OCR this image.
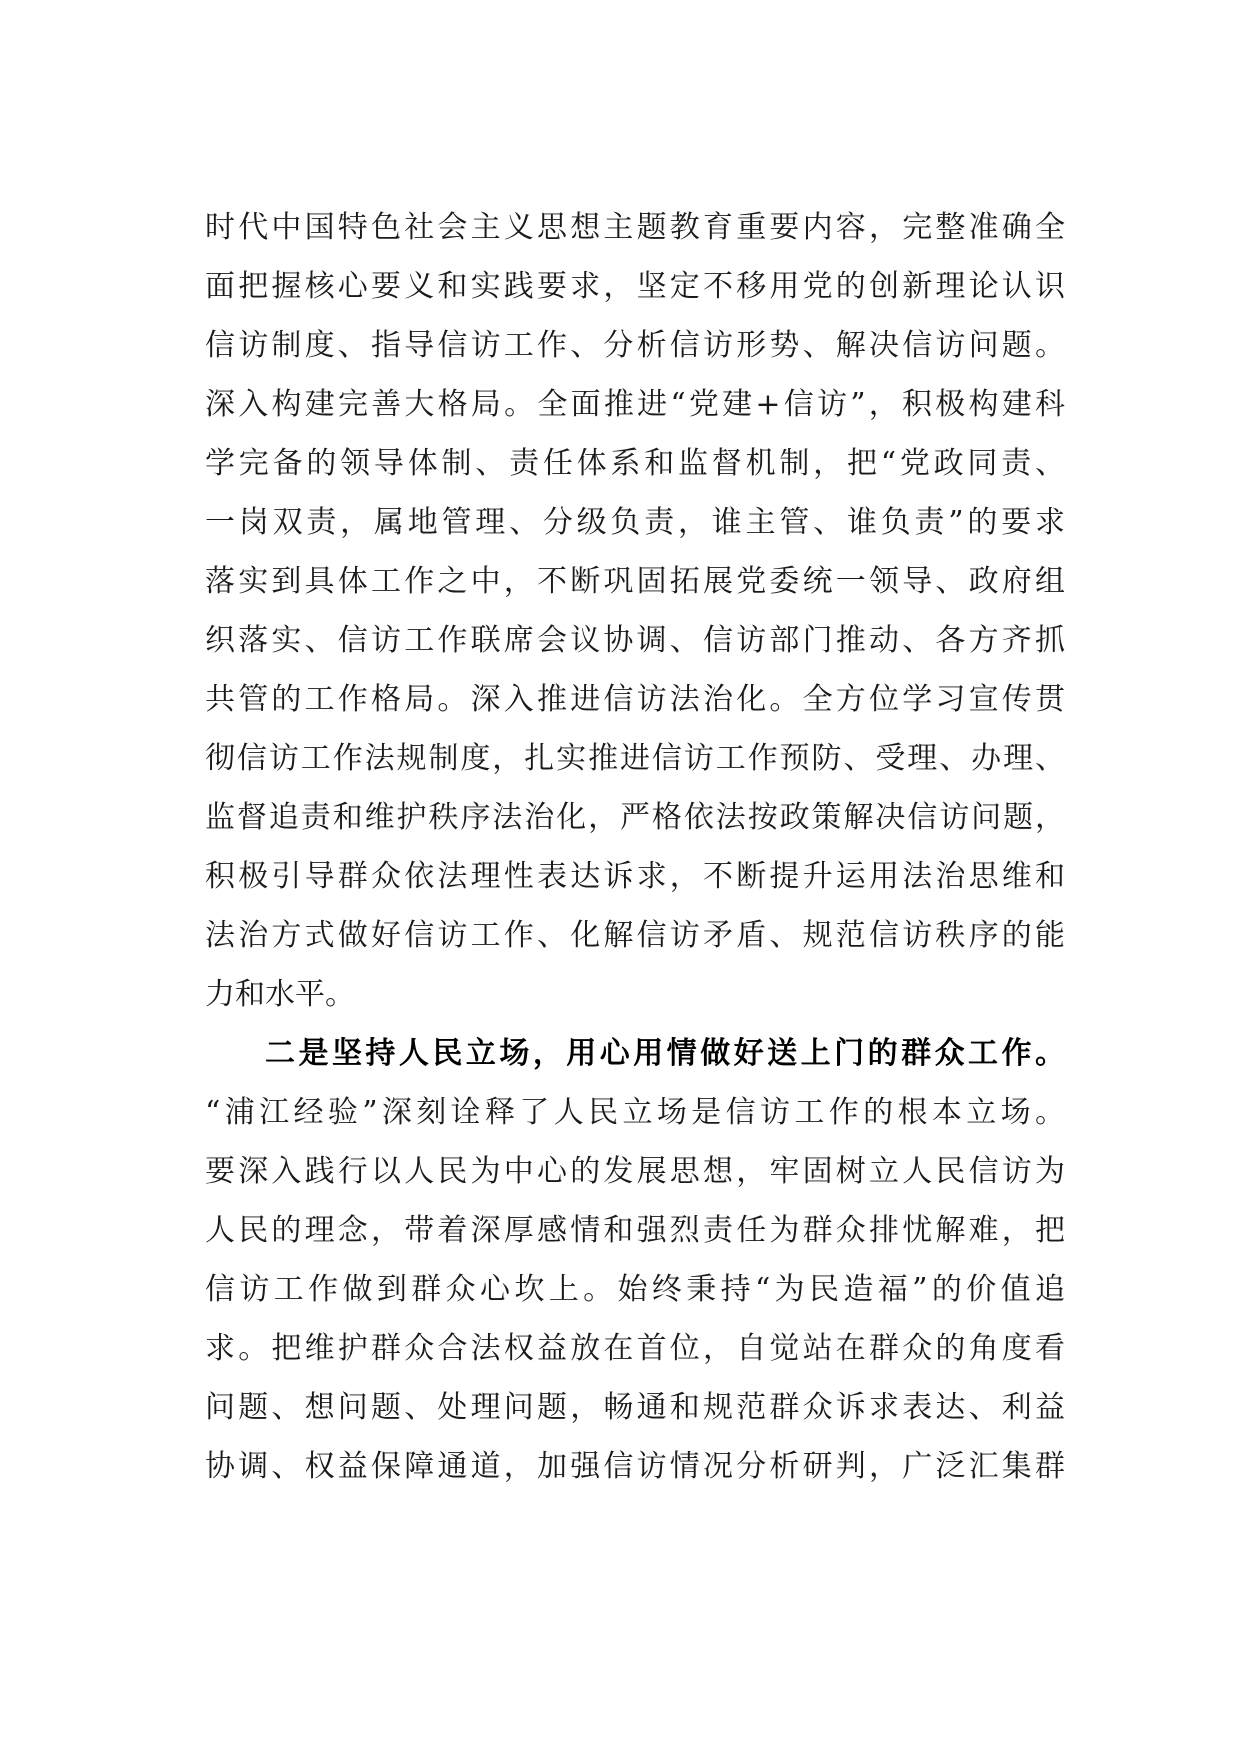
时代中国特色社会主义思想主题教育重要内容，完整准确全
面把握核心要义和实践要求，坚定不移用党的创新理论认识
信访制度、指导信访工作、分析信访形势、解决信访问题。
深入构建完善大格局。全面推进“党建+信访”，积极构建科
学完备的领导体制、责任体系和监督机制，把“党政同责、
一岗双责，属地管理、分级负责，谁主管、谁负责”的要求
落实到具体工作之中，不断巩固拓展党委统一领导、政府组
织落实、信访工作联席会议协调、信访部门推动、各方齐抓
共管的工作格局。深入推进信访法治化。全方位学习宣传贯
彻信访工作法规制度，扎实推进信访工作预防、受理、办理、
监督追责和维护秩序法治化，严格依法按政策解决信访问题，
积极引导群众依法理性表达诉求，不断提升运用法治思维和
法治方式做好信访工作、化解信访矛盾、规范信访秩序的能
力和水平。
二是坚持人民立场，用心用情做好送上门的群众工作。
“浦江经验”深刻诠释了人民立场是信访工作的根本立场。
要深入践行以人民为中心的发展思想，牢固树立人民信访为
人民的理念，带着深厚感情和强烈责任为群众排忧解难，把
信访工作做到群众心坎上。始终秉持“为民造福”的价值追
求。把维护群众合法权益放在首位，自觉站在群众的角度看
问题、想问题、处理问题，畅通和规范群众诉求表达、利益
协调、权益保障通道，加强信访情况分析研判，广泛汇集群
